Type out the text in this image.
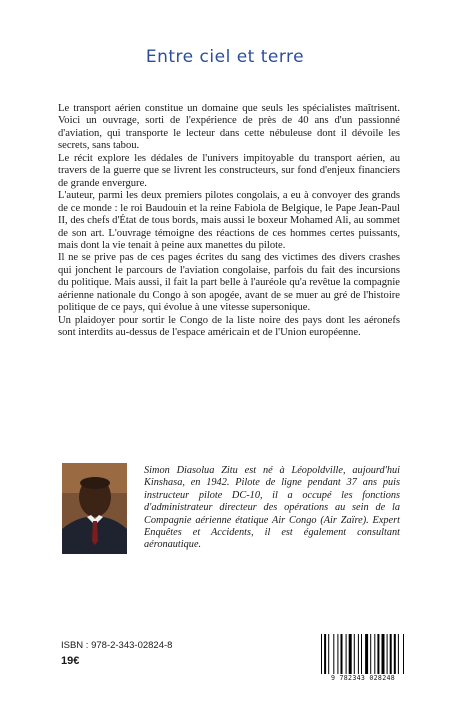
Entre ciel et terre

Le transport aérien constitue un domaine que seuls les spécialistes maîtrisent. Voici un ouvrage, sorti de l'expérience de près de 40 ans d'un passionné d'aviation, qui transporte le lecteur dans cette nébuleuse dont il dévoile les secrets, sans tabou.

Le récit explore les dédales de l'univers impitoyable du transport aérien, au travers de la guerre que se livrent les constructeurs, sur fond d'enjeux financiers de grande envergure.

L'auteur, parmi les deux premiers pilotes congolais, a eu à convoyer des grands de ce monde : le roi Baudouin et la reine Fabiola de Belgique, le Pape Jean-Paul II, des chefs d'État de tous bords, mais aussi le boxeur Mohamed Ali, au sommet de son art. L'ouvrage témoigne des réactions de ces hommes certes puissants, mais dont la vie tenait à peine aux manettes du pilote.

Il ne se prive pas de ces pages écrites du sang des victimes des divers crashes qui jonchent le parcours de l'aviation congolaise, parfois du fait des incursions du politique. Mais aussi, il fait la part belle à l'auréole qu'a revêtue la compagnie aérienne nationale du Congo à son apogée, avant de se muer au gré de l'histoire politique de ce pays, qui évolue à une vitesse supersonique.

Un plaidoyer pour sortir le Congo de la liste noire des pays dont les aéronefs sont interdits au-dessus de l'espace américain et de l'Union européenne.

Simon Diasolua Zitu est né à Léopoldville, aujourd'hui Kinshasa, en 1942. Pilote de ligne pendant 37 ans puis instructeur pilote DC-10, il a occupé les fonctions d'administrateur directeur des opérations au sein de la Compagnie aérienne étatique Air Congo (Air Zaïre). Expert Enquêtes et Accidents, il est également consultant aéronautique.
ISBN : 978-2-343-02824-8
19€
9 782343 028248
